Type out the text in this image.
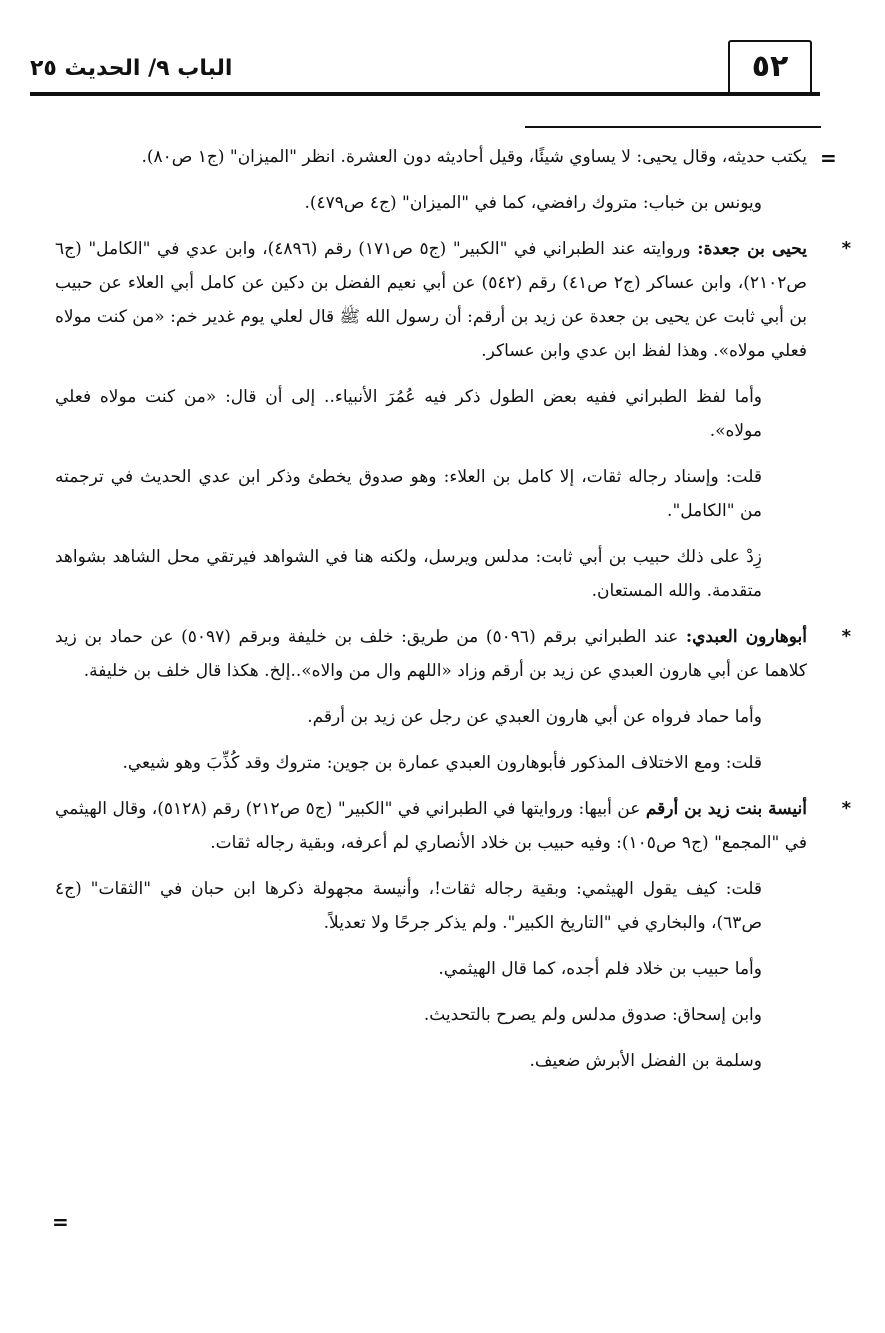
٥٢
الباب ٩/ الحديث ٢٥
=

يكتب حديثه، وقال يحيى: لا يساوي شيئًا، وقيل أحاديثه دون العشرة. انظر "الميزان" (ج١ ص٨٠).

ويونس بن خباب: متروك رافضي، كما في "الميزان" (ج٤ ص٤٧٩).

*
يحيى بن جعدة: وروايته عند الطبراني في "الكبير" (ج٥ ص١٧١) رقم (٤٨٩٦)، وابن عدي في "الكامل" (ج٦ ص٢١٠٢)، وابن عساكر (ج٢ ص٤١) رقم (٥٤٢) عن أبي نعيم الفضل بن دكين عن كامل أبي العلاء عن حبيب بن أبي ثابت عن يحيى بن جعدة عن زيد بن أرقم: أن رسول الله ﷺ قال لعلي يوم غدير خم: «من كنت مولاه فعلي مولاه». وهذا لفظ ابن عدي وابن عساكر.

وأما لفظ الطبراني ففيه بعض الطول ذكر فيه عُمُرَ الأنبياء.. إلى أن قال: «من كنت مولاه فعلي مولاه».

قلت: وإسناد رجاله ثقات، إلا كامل بن العلاء: وهو صدوق يخطئ وذكر ابن عدي الحديث في ترجمته من "الكامل".

زِدْ على ذلك حبيب بن أبي ثابت: مدلس ويرسل، ولكنه هنا في الشواهد فيرتقي محل الشاهد بشواهد متقدمة. والله المستعان.

*
أبوهارون العبدي: عند الطبراني برقم (٥٠٩٦) من طريق: خلف بن خليفة وبرقم (٥٠٩٧) عن حماد بن زيد كلاهما عن أبي هارون العبدي عن زيد بن أرقم وزاد «اللهم وال من والاه»..إلخ. هكذا قال خلف بن خليفة.

وأما حماد فرواه عن أبي هارون العبدي عن رجل عن زيد بن أرقم.

قلت: ومع الاختلاف المذكور فأبوهارون العبدي عمارة بن جوين: متروك وقد كُذِّبَ وهو شيعي.

*
أنيسة بنت زيد بن أرقم عن أبيها: وروايتها في الطبراني في "الكبير" (ج٥ ص٢١٢) رقم (٥١٢٨)، وقال الهيثمي في "المجمع" (ج٩ ص١٠٥): وفيه حبيب بن خلاد الأنصاري لم أعرفه، وبقية رجاله ثقات.

قلت: كيف يقول الهيثمي: وبقية رجاله ثقات!، وأنيسة مجهولة ذكرها ابن حبان في "الثقات" (ج٤ ص٦٣)، والبخاري في "التاريخ الكبير". ولم يذكر جرحًا ولا تعديلاً.

وأما حبيب بن خلاد فلم أجده، كما قال الهيثمي.

وابن إسحاق: صدوق مدلس ولم يصرح بالتحديث.

وسلمة بن الفضل الأبرش ضعيف.

=
